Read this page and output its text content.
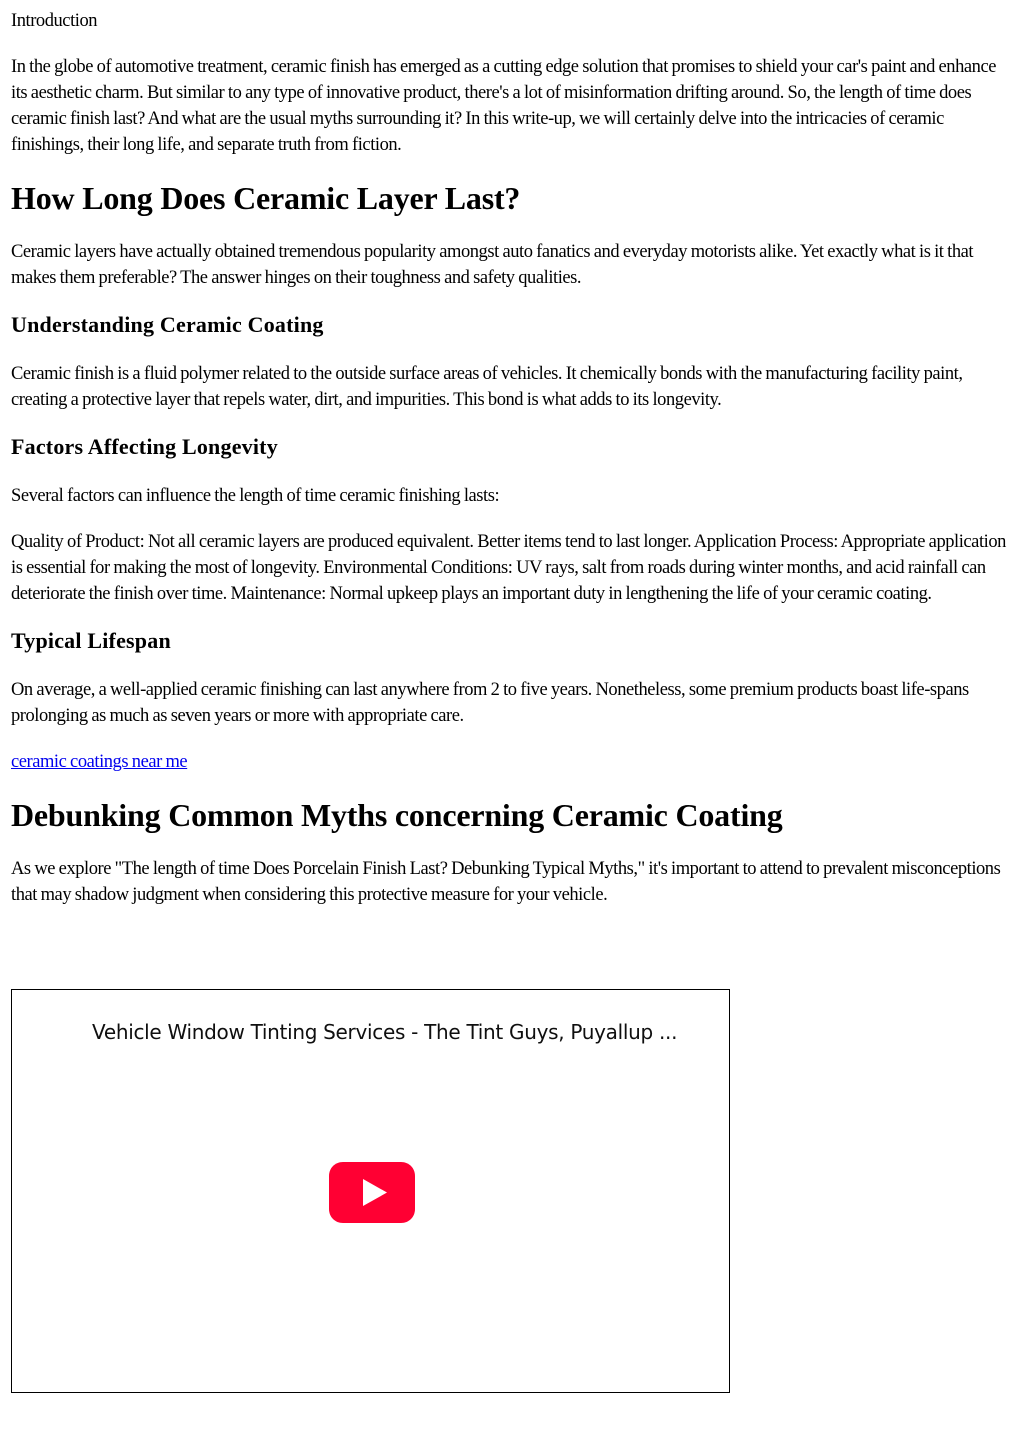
Introduction

In the globe of automotive treatment, ceramic finish has emerged as a cutting edge solution that promises to shield your car's paint and enhance its aesthetic charm. But similar to any type of innovative product, there's a lot of misinformation drifting around. So, the length of time does ceramic finish last? And what are the usual myths surrounding it? In this write-up, we will certainly delve into the intricacies of ceramic finishings, their long life, and separate truth from fiction.

How Long Does Ceramic Layer Last?

Ceramic layers have actually obtained tremendous popularity amongst auto fanatics and everyday motorists alike. Yet exactly what is it that makes them preferable? The answer hinges on their toughness and safety qualities.

Understanding Ceramic Coating

Ceramic finish is a fluid polymer related to the outside surface areas of vehicles. It chemically bonds with the manufacturing facility paint, creating a protective layer that repels water, dirt, and impurities. This bond is what adds to its longevity.

Factors Affecting Longevity

Several factors can influence the length of time ceramic finishing lasts:

Quality of Product: Not all ceramic layers are produced equivalent. Better items tend to last longer. Application Process: Appropriate application is essential for making the most of longevity. Environmental Conditions: UV rays, salt from roads during winter months, and acid rainfall can deteriorate the finish over time. Maintenance: Normal upkeep plays an important duty in lengthening the life of your ceramic coating.

Typical Lifespan

On average, a well-applied ceramic finishing can last anywhere from 2 to five years. Nonetheless, some premium products boast life-spans prolonging as much as seven years or more with appropriate care.

ceramic coatings near me

Debunking Common Myths concerning Ceramic Coating

As we explore "The length of time Does Porcelain Finish Last? Debunking Typical Myths," it's important to attend to prevalent misconceptions that may shadow judgment when considering this protective measure for your vehicle.

Vehicle Window Tinting Services - The Tint Guys, Puyallup ...
